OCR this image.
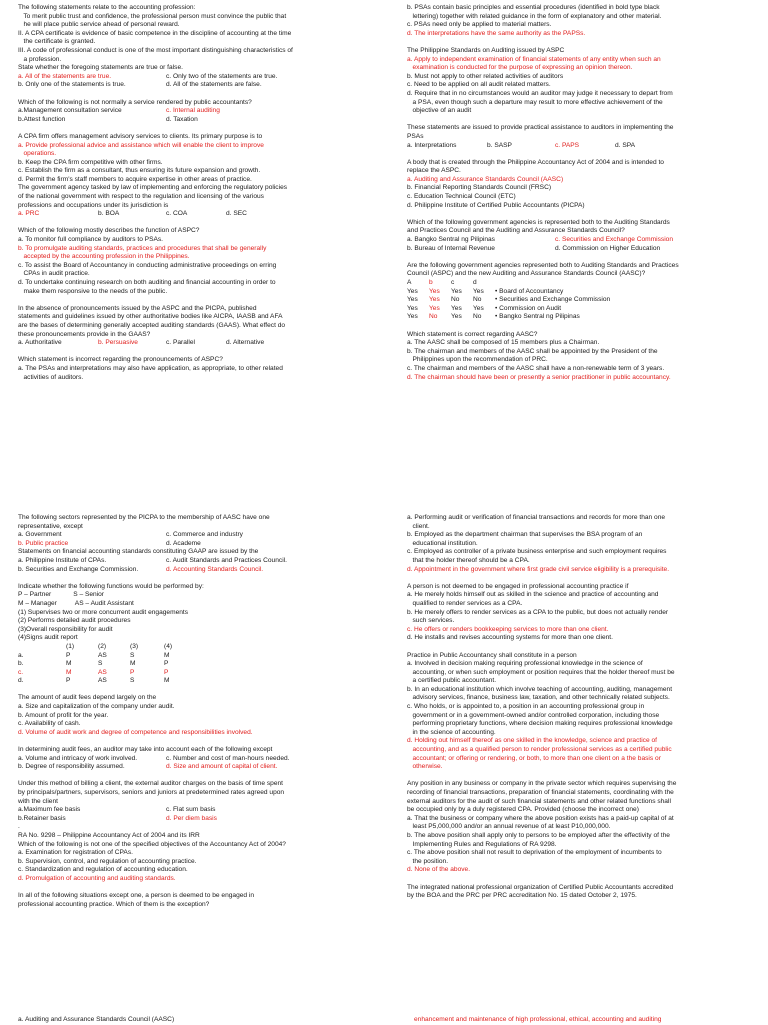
The following statements relate to the accounting profession:
To merit public trust and confidence, the professional person must convince the public that
he will place public service ahead of personal reward.
II. A CPA certificate is evidence of basic competence in the discipline of accounting at the time
the certificate is granted.
III. A code of professional conduct is one of the most important distinguishing characteristics of
a profession.
State whether the foregoing statements are true or false.
a. All of the statements are true.	c. Only two of the statements are true.
b. Only one of the statements is true.	d. All of the statements are false.
Which of the following is not normally a service rendered by public accountants?
a.Management consultation service	c. Internal auditing
b.Attest function	d. Taxation
A CPA firm offers management advisory services to clients. Its primary purpose is to
a. Provide professional advice and assistance which will enable the client to improve
operations.
b. Keep the CPA firm competitive with other firms.
c. Establish the firm as a consultant, thus ensuring its future expansion and growth.
d. Permit the firm's staff members to acquire expertise in other areas of practice.
The government agency tasked by law of implementing and enforcing the regulatory policies
of the national government with respect to the regulation and licensing of the various
professions and occupations under its jurisdiction is
a. PRC	b. BOA	c. COA	d. SEC
Which of the following mostly describes the function of ASPC?
a. To monitor full compliance by auditors to PSAs.
b. To promulgate auditing standards, practices and procedures that shall be generally
accepted by the accounting profession in the Philippines.
c. To assist the Board of Accountancy in conducting administrative proceedings on erring
CPAs in audit practice.
d. To undertake continuing research on both auditing and financial accounting in order to
make them responsive to the needs of the public.
In the absence of pronouncements issued by the ASPC and the PICPA, published
statements and guidelines issued by other authoritative bodies like AICPA, IAASB and AFA
are the bases of determining generally accepted auditing standards (GAAS). What effect do
these pronouncements provide in the GAAS?
a. Authoritative	b. Persuasive	c. Parallel	d. Alternative
Which statement is incorrect regarding the pronouncements of ASPC?
a. The PSAs and interpretations may also have application, as appropriate, to other related
activities of auditors.
b. PSAs contain basic principles and essential procedures (identified in bold type black
lettering) together with related guidance in the form of explanatory and other material.
c. PSAs need only be applied to material matters.
d. The interpretations have the same authority as the PAPSs.
The Philippine Standards on Auditing issued by ASPC
a. Apply to independent examination of financial statements of any entity when such an
examination is conducted for the purpose of expressing an opinion thereon.
b. Must not apply to other related activities of auditors
c. Need to be applied on all audit related matters.
d. Require that in no circumstances would an auditor may judge it necessary to depart from
a PSA, even though such a departure may result to more effective achievement of the
objective of an audit
These statements are issued to provide practical assistance to auditors in implementing the
PSAs
a. Interpretations	b. SASP	c. PAPS	d. SPA
A body that is created through the Philippine Accountancy Act of 2004 and is intended to
replace the ASPC.
a. Auditing and Assurance Standards Council (AASC)
b. Financial Reporting Standards Council (FRSC)
c. Education Technical Council (ETC)
d. Philippine Institute of Certified Public Accountants (PICPA)
Which of the following government agencies is represented both to the Auditing Standards
and Practices Council and the Auditing and Assurance Standards Council?
a. Bangko Sentral ng Pilipinas	c. Securities and Exchange Commission
b. Bureau of Internal Revenue	d. Commission on Higher Education
Are the following government agencies represented both to Auditing Standards and Practices
Council (ASPC) and the new Auditing and Assurance Standards Council (AASC)?
A	b	c	d
Yes Yes Yes Yes • Board of Accountancy
Yes Yes No No • Securities and Exchange Commission
Yes Yes Yes Yes • Commission on Audit
Yes No Yes No • Bangko Sentral ng Pilipinas
Which statement is correct regarding AASC?
a. The AASC shall be composed of 15 members plus a Chairman.
b. The chairman and members of the AASC shall be appointed by the President of the
Philippines upon the recommendation of PRC.
c. The chairman and members of the AASC shall have a non-renewable term of 3 years.
d. The chairman should have been or presently a senior practitioner in public accountancy.
The following sectors represented by the PICPA to the membership of AASC have one
representative, except
a. Government	c. Commerce and industry
b. Public practice	d. Academe
Statements on financial accounting standards constituting GAAP are issued by the
a. Philippine Institute of CPAs.	c. Audit Standards and Practices Council.
b. Securities and Exchange Commission.	d. Accounting Standards Council.
Indicate whether the following functions would be performed by:
P – Partner            S – Senior
M – Manager          AS – Audit Assistant
(1) Supervises two or more concurrent audit engagements
(2) Performs detailed audit procedures
(3)Overall responsibility for audit
(4)Signs audit report
(1)	(2)	(3)	(4)
a.	P	AS	S	M
b.	M	S	M	P
c.	M	AS	P	P
d.	P	AS	S	M
The amount of audit fees depend largely on the
a. Size and capitalization of the company under audit.
b. Amount of profit for the year.
c. Availability of cash.
d. Volume of audit work and degree of competence and responsibilities involved.
In determining audit fees, an auditor may take into account each of the following except
a. Volume and intricacy of work involved.	c. Number and cost of man-hours needed.
b. Degree of responsibility assumed.	d. Size and amount of capital of client.
Under this method of billing a client, the external auditor charges on the basis of time spent
by principals/partners, supervisors, seniors and juniors at predetermined rates agreed upon
with the client
a.Maximum fee basis	c. Flat sum basis
b.Retainer basis	d. Per diem basis
.
RA No. 9298 – Philippine Accountancy Act of 2004 and its IRR
Which of the following is not one of the specified objectives of the Accountancy Act of 2004?
a. Examination for registration of CPAs.
b. Supervision, control, and regulation of accounting practice.
c. Standardization and regulation of accounting education.
d. Promulgation of accounting and auditing standards.
In all of the following situations except one, a person is deemed to be engaged in
professional accounting practice. Which of them is the exception?
a. Performing audit or verification of financial transactions and records for more than one
client.
b. Employed as the department chairman that supervises the BSA program of an
educational institution.
c. Employed as controller of a private business enterprise and such employment requires
that the holder thereof should be a CPA.
d. Appointment in the government where first grade civil service eligibility is a prerequisite.
A person is not deemed to be engaged in professional accounting practice if
a. He merely holds himself out as skilled in the science and practice of accounting and
qualified to render services as a CPA.
b. He merely offers to render services as a CPA to the public, but does not actually render
such services.
c. He offers or renders bookkeeping services to more than one client.
d. He installs and revises accounting systems for more than one client.
Practice in Public Accountancy shall constitute in a person
a. Involved in decision making requiring professional knowledge in the science of
accounting, or when such employment or position requires that the holder thereof must be
a certified public accountant.
b. In an educational institution which involve teaching of accounting, auditing, management
advisory services, finance, business law, taxation, and other technically related subjects.
c. Who holds, or is appointed to, a position in an accounting professional group in
government or in a government-owned and/or controlled corporation, including those
performing proprietary functions, where decision making requires professional knowledge
in the science of accounting.
d. Holding out himself thereof as one skilled in the knowledge, science and practice of
accounting, and as a qualified person to render professional services as a certified public
accountant; or offering or rendering, or both, to more than one client on a the basis or
otherwise.
Any position in any business or company in the private sector which requires supervising the
recording of financial transactions, preparation of financial statements, coordinating with the
external auditors for the audit of such financial statements and other related functions shall
be occupied only by a duly registered CPA. Provided (choose the incorrect one)
a. That the business or company where the above position exists has a paid-up capital of at
least P5,000,000 and/or an annual revenue of at least P10,000,000.
b. The above position shall apply only to persons to be employed after the effectivity of the
Implementing Rules and Regulations of RA 9298.
c. The above position shall not result to deprivation of the employment of incumbents to
the position.
d. None of the above.
The integrated national professional organization of Certified Public Accountants accredited
by the BOA and the PRC per PRC accreditation No. 15 dated October 2, 1975.
a. Auditing and Assurance Standards Council (AASC)	enhancement and maintenance of high professional, ethical, accounting and auditing
